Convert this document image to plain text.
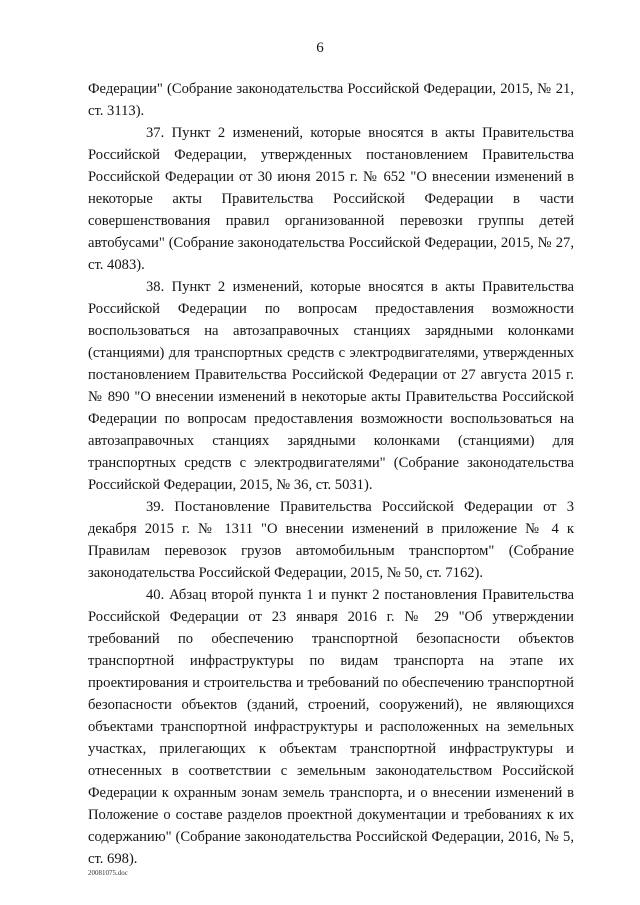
6

Федерации" (Собрание законодательства Российской Федерации, 2015, № 21, ст. 3113).

37. Пункт 2 изменений, которые вносятся в акты Правительства Российской Федерации, утвержденных постановлением Правительства Российской Федерации от 30 июня 2015 г. № 652 "О внесении изменений в некоторые акты Правительства Российской Федерации в части совершенствования правил организованной перевозки группы детей автобусами" (Собрание законодательства Российской Федерации, 2015, № 27, ст. 4083).

38. Пункт 2 изменений, которые вносятся в акты Правительства Российской Федерации по вопросам предоставления возможности воспользоваться на автозаправочных станциях зарядными колонками (станциями) для транспортных средств с электродвигателями, утвержденных постановлением Правительства Российской Федерации от 27 августа 2015 г. № 890 "О внесении изменений в некоторые акты Правительства Российской Федерации по вопросам предоставления возможности воспользоваться на автозаправочных станциях зарядными колонками (станциями) для транспортных средств с электродвигателями" (Собрание законодательства Российской Федерации, 2015, № 36, ст. 5031).

39. Постановление Правительства Российской Федерации от 3 декабря 2015 г. № 1311 "О внесении изменений в приложение № 4 к Правилам перевозок грузов автомобильным транспортом" (Собрание законодательства Российской Федерации, 2015, № 50, ст. 7162).

40. Абзац второй пункта 1 и пункт 2 постановления Правительства Российской Федерации от 23 января 2016 г. № 29 "Об утверждении требований по обеспечению транспортной безопасности объектов транспортной инфраструктуры по видам транспорта на этапе их проектирования и строительства и требований по обеспечению транспортной безопасности объектов (зданий, строений, сооружений), не являющихся объектами транспортной инфраструктуры и расположенных на земельных участках, прилегающих к объектам транспортной инфраструктуры и отнесенных в соответствии с земельным законодательством Российской Федерации к охранным зонам земель транспорта, и о внесении изменений в Положение о составе разделов проектной документации и требованиях к их содержанию" (Собрание законодательства Российской Федерации, 2016, № 5, ст. 698).

20081075.doc
